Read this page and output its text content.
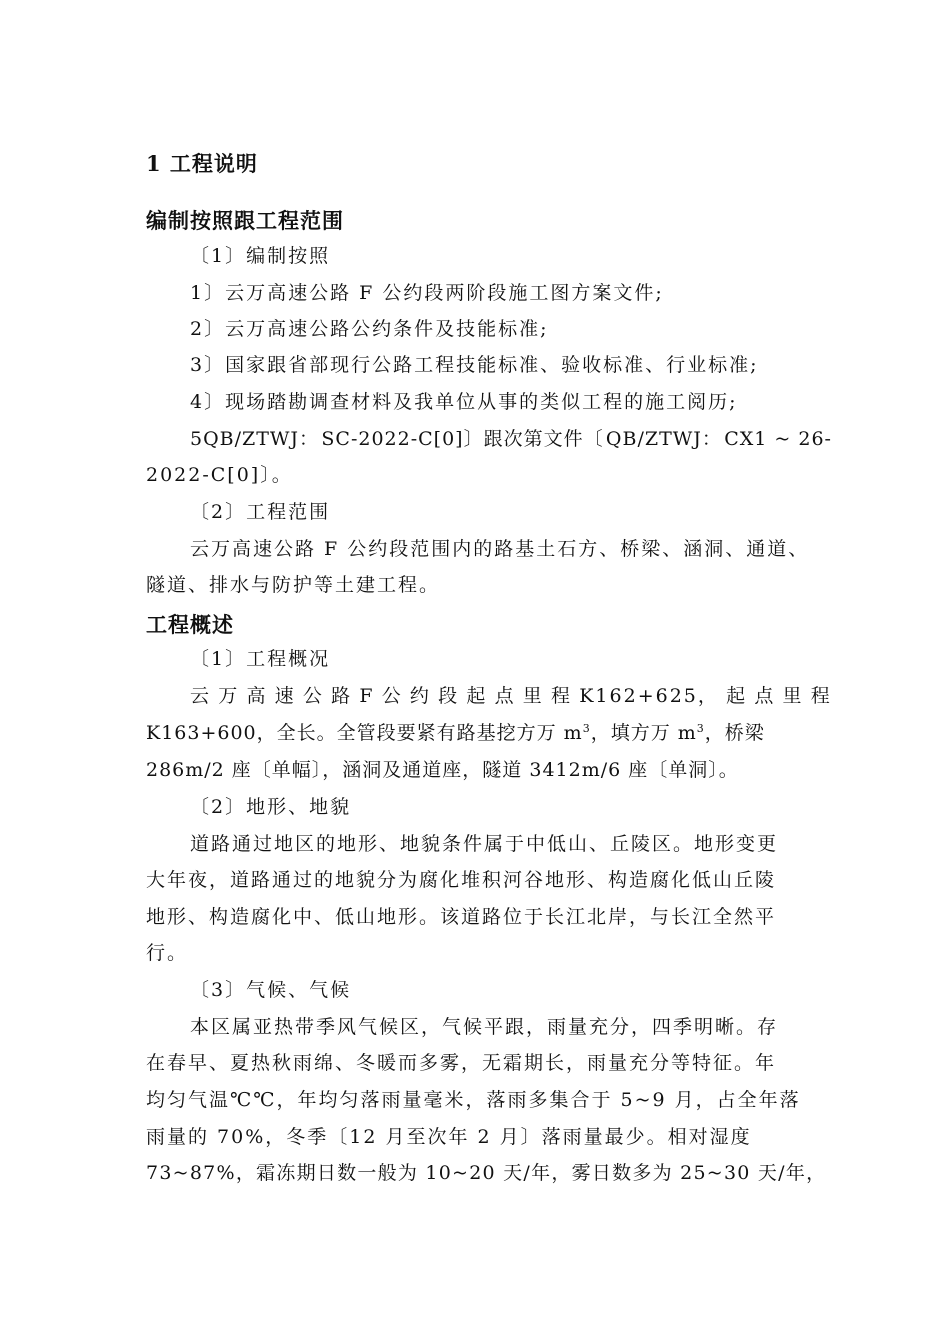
1 工程说明
编制按照跟工程范围
〔1〕编制按照
1〕云万高速公路 F 公约段两阶段施工图方案文件;
2〕云万高速公路公约条件及技能标准;
3〕国家跟省部现行公路工程技能标准、验收标准、行业标准;
4〕现场踏勘调查材料及我单位从事的类似工程的施工阅历;
5QB/ZTWJ： SC-2022-C[0]〕跟次第文件〔 QB/ZTWJ： CX1 ~ 26-
2022-C[0]〕。
〔2〕工程范围
云万高速公路 F 公约段范围内的路基土石方、桥梁、涵洞、通道、
隧道、排水与防护等土建工程。
工程概述
〔1〕工程概况
云 万 高 速 公 路 F 公 约 段 起 点 里 程 K162+625， 起 点 里 程
K163+600，全长。全管段要紧有路基挖方万 $m^3$，填方万 $m^3$，桥梁
286m/2 座〔单幅〕，涵洞及通道座，隧道 3412m/6 座〔单洞〕。
〔2〕地形、地貌
道路通过地区的地形、地貌条件属于中低山、丘陵区。地形变更
大年夜，道路通过的地貌分为腐化堆积河谷地形、构造腐化低山丘陵
地形、构造腐化中、低山地形。该道路位于长江北岸，与长江全然平
行。
〔3〕气候、气候
本区属亚热带季风气候区，气候平跟，雨量充分，四季明晰。存
在春早、夏热秋雨绵、冬暖而多雾，无霜期长，雨量充分等特征。年
均匀气温℃℃，年均匀落雨量毫米，落雨多集合于 5~9 月，占全年落
雨量的 70%，冬季〔12 月至次年 2 月〕落雨量最少。相对湿度
73~87%，霜冻期日数一般为 10~20 天/年，雾日数多为 25~30 天/年，
